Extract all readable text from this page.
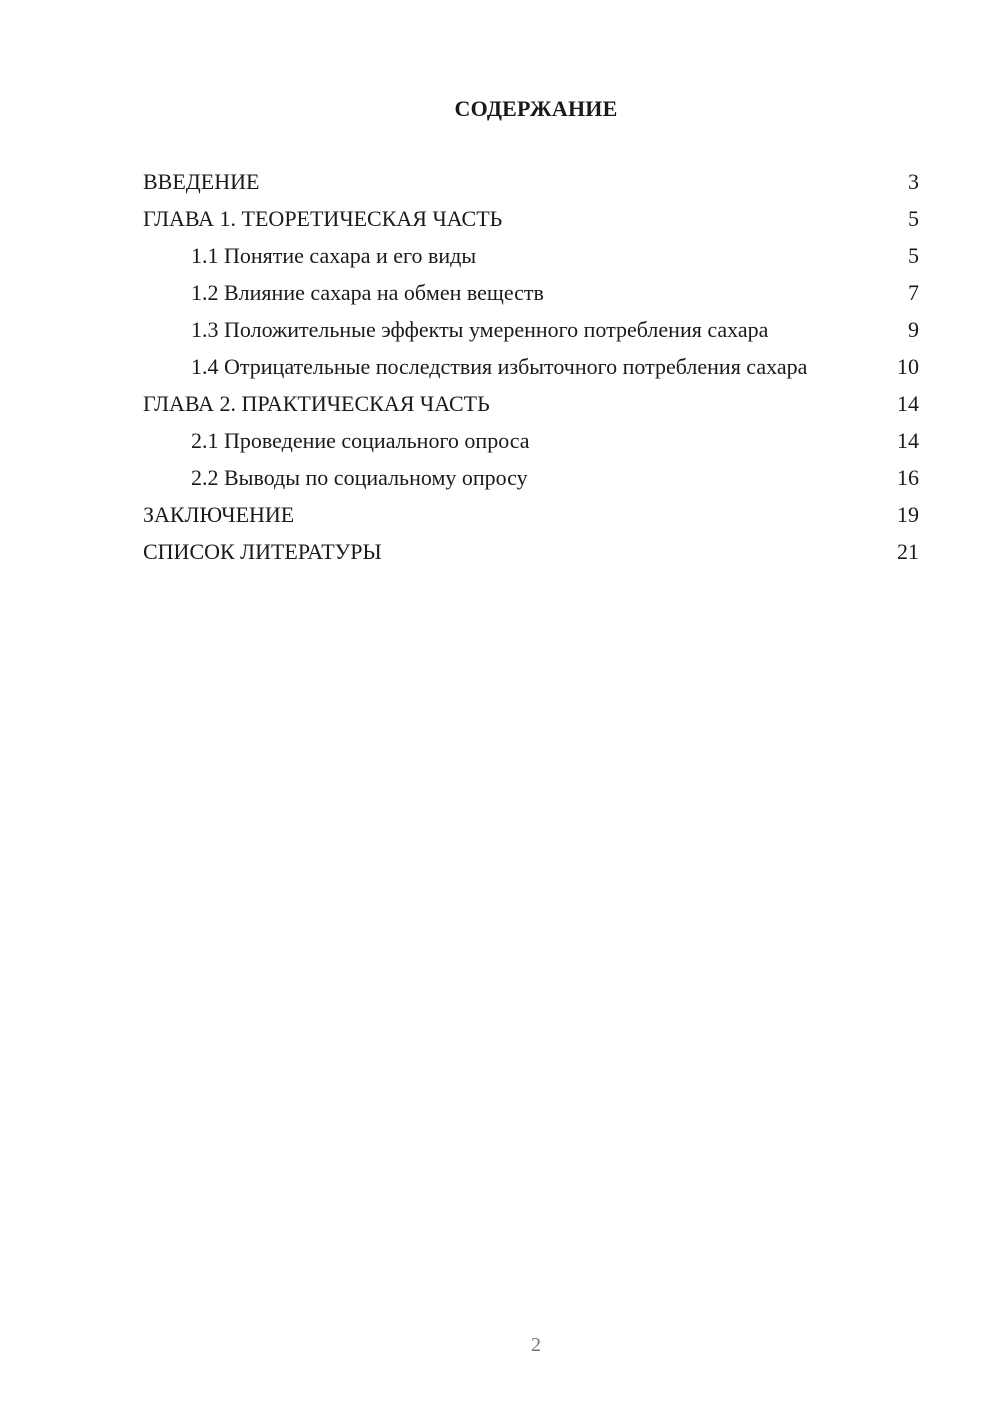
СОДЕРЖАНИЕ
ВВЕДЕНИЕ	3
ГЛАВА 1. ТЕОРЕТИЧЕСКАЯ ЧАСТЬ	5
1.1 Понятие сахара и его виды	5
1.2 Влияние сахара на обмен веществ	7
1.3 Положительные эффекты умеренного потребления сахара	9
1.4 Отрицательные последствия избыточного потребления сахара	10
ГЛАВА 2. ПРАКТИЧЕСКАЯ ЧАСТЬ	14
2.1 Проведение социального опроса	14
2.2 Выводы по социальному опросу	16
ЗАКЛЮЧЕНИЕ	19
СПИСОК ЛИТЕРАТУРЫ	21
2
